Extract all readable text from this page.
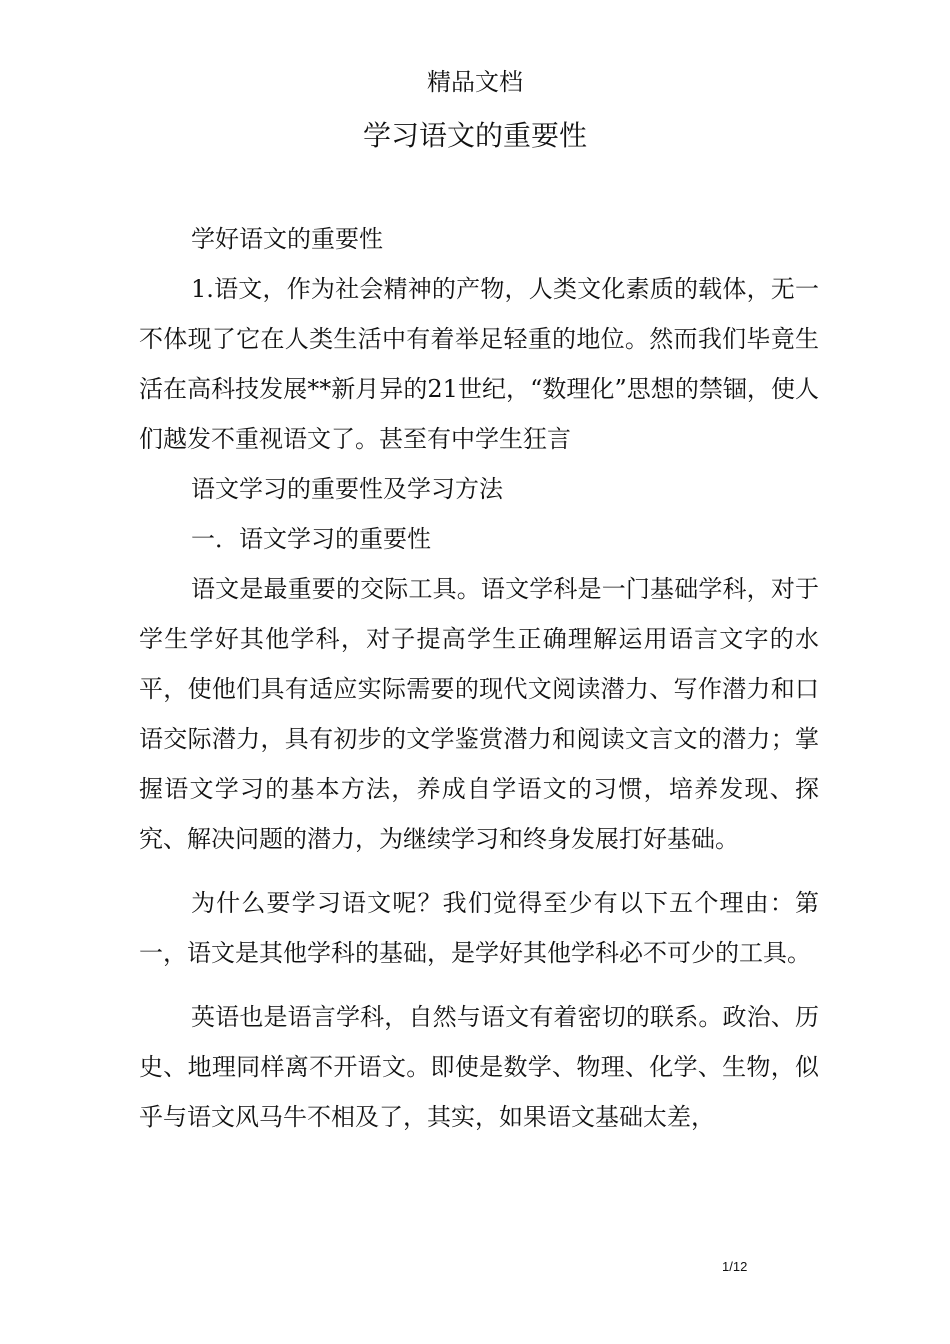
精品文档
学习语文的重要性

学好语文的重要性

1.语文，作为社会精神的产物，人类文化素质的载体，无一不体现了它在人类生活中有着举足轻重的地位。然而我们毕竟生活在高科技发展**新月异的21世纪，“数理化”思想的禁锢，使人们越发不重视语文了。甚至有中学生狂言

语文学习的重要性及学习方法

一．语文学习的重要性

语文是最重要的交际工具。语文学科是一门基础学科，对于学生学好其他学科，对子提高学生正确理解运用语言文字的水平，使他们具有适应实际需要的现代文阅读潜力、写作潜力和口语交际潜力，具有初步的文学鉴赏潜力和阅读文言文的潜力；掌握语文学习的基本方法，养成自学语文的习惯，培养发现、探究、解决问题的潜力，为继续学习和终身发展打好基础。

为什么要学习语文呢？我们觉得至少有以下五个理由：第一，语文是其他学科的基础，是学好其他学科必不可少的工具。

英语也是语言学科，自然与语文有着密切的联系。政治、历史、地理同样离不开语文。即使是数学、物理、化学、生物，似乎与语文风马牛不相及了，其实，如果语文基础太差，

1/12
